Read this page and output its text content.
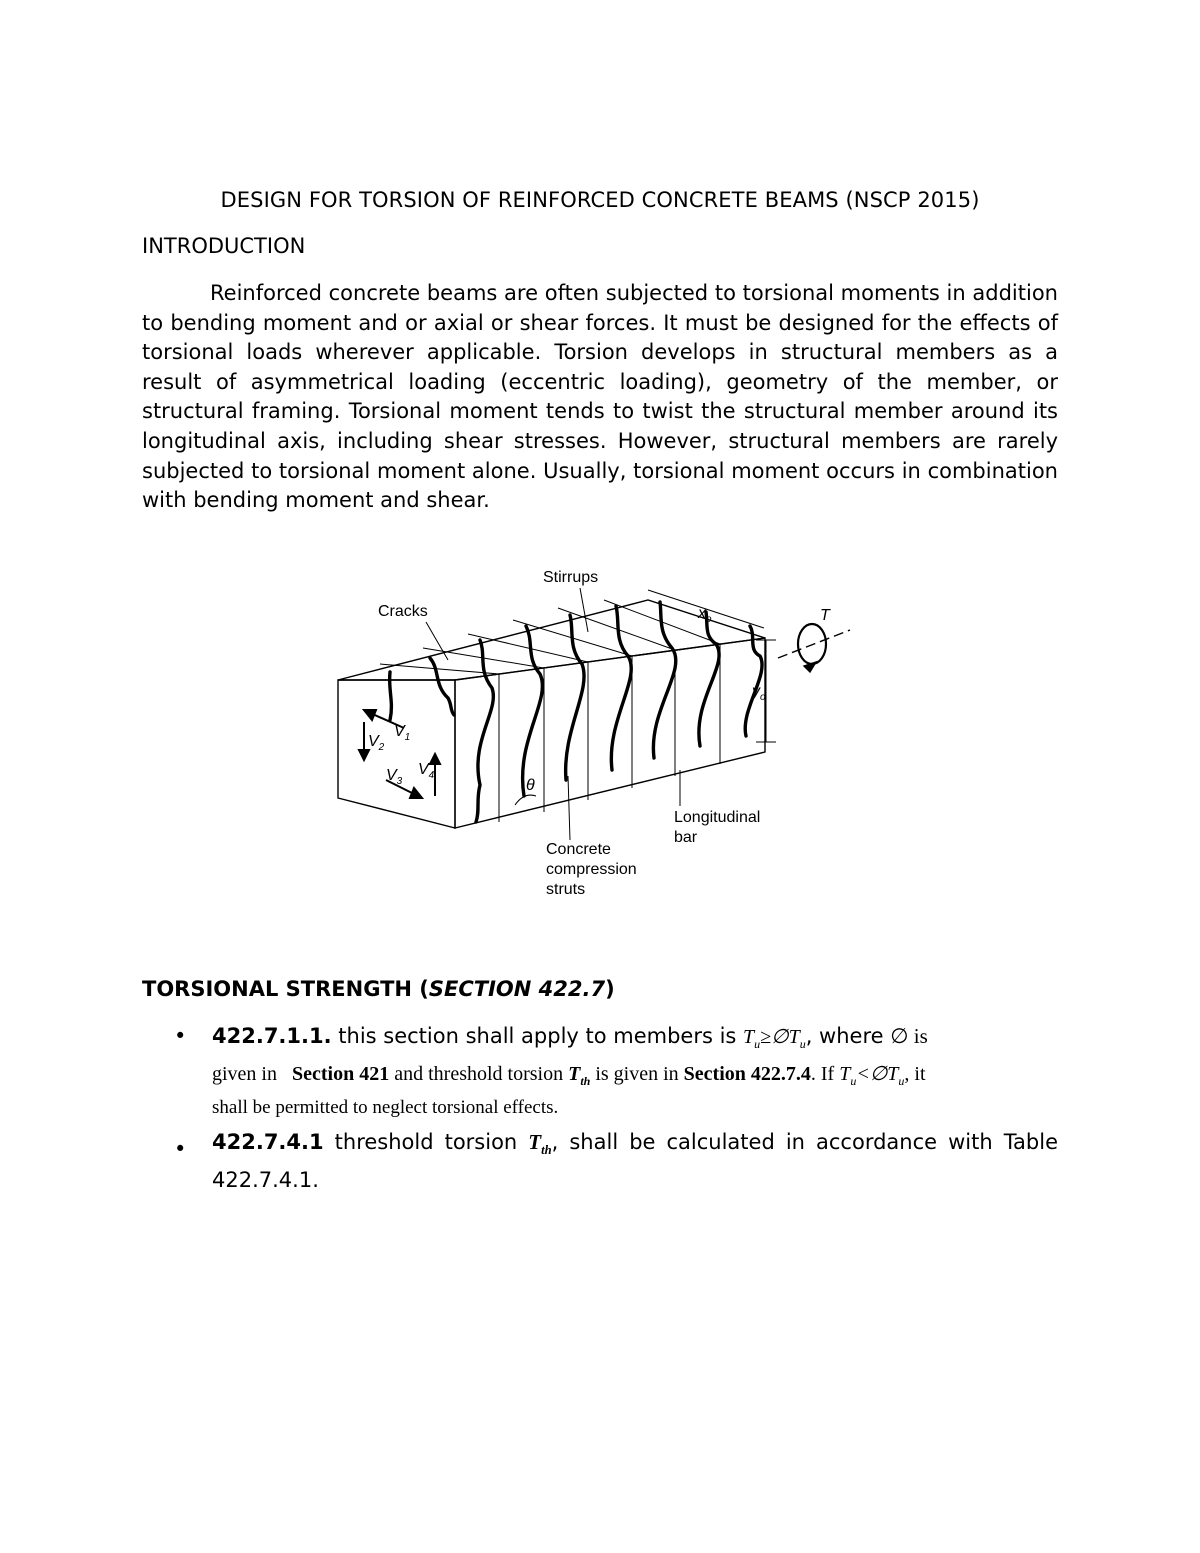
DESIGN FOR TORSION OF REINFORCED CONCRETE BEAMS (NSCP 2015)
INTRODUCTION

Reinforced concrete beams are often subjected to torsional moments in addition to bending moment and or axial or shear forces. It must be designed for the effects of torsional loads wherever applicable. Torsion develops in structural members as a result of asymmetrical loading (eccentric loading), geometry of the member, or structural framing. Torsional moment tends to twist the structural member around its longitudinal axis, including shear stresses. However, structural members are rarely subjected to torsional moment alone. Usually, torsional moment occurs in combination with bending moment and shear.

$V_1$
$V_2$
$V_3$
$V_4$
θ
Stirrups
Cracks	$x_o$
$y_o$
T
Concrete
compression
struts
Longitudinal
bar
TORSIONAL STRENGTH (SECTION 422.7)
• 422.7.1.1. this section shall apply to members is $T_u\ge\emptyset T_u$, where ∅ is
given in   Section 421 and threshold torsion $T_{th}$ is given in Section 422.7.4. If $T_u<\emptyset T_u$, it
shall be permitted to neglect torsional effects.
• 422.7.4.1 threshold torsion $T_{th}$, shall be calculated in accordance with Table 422.7.4.1.
